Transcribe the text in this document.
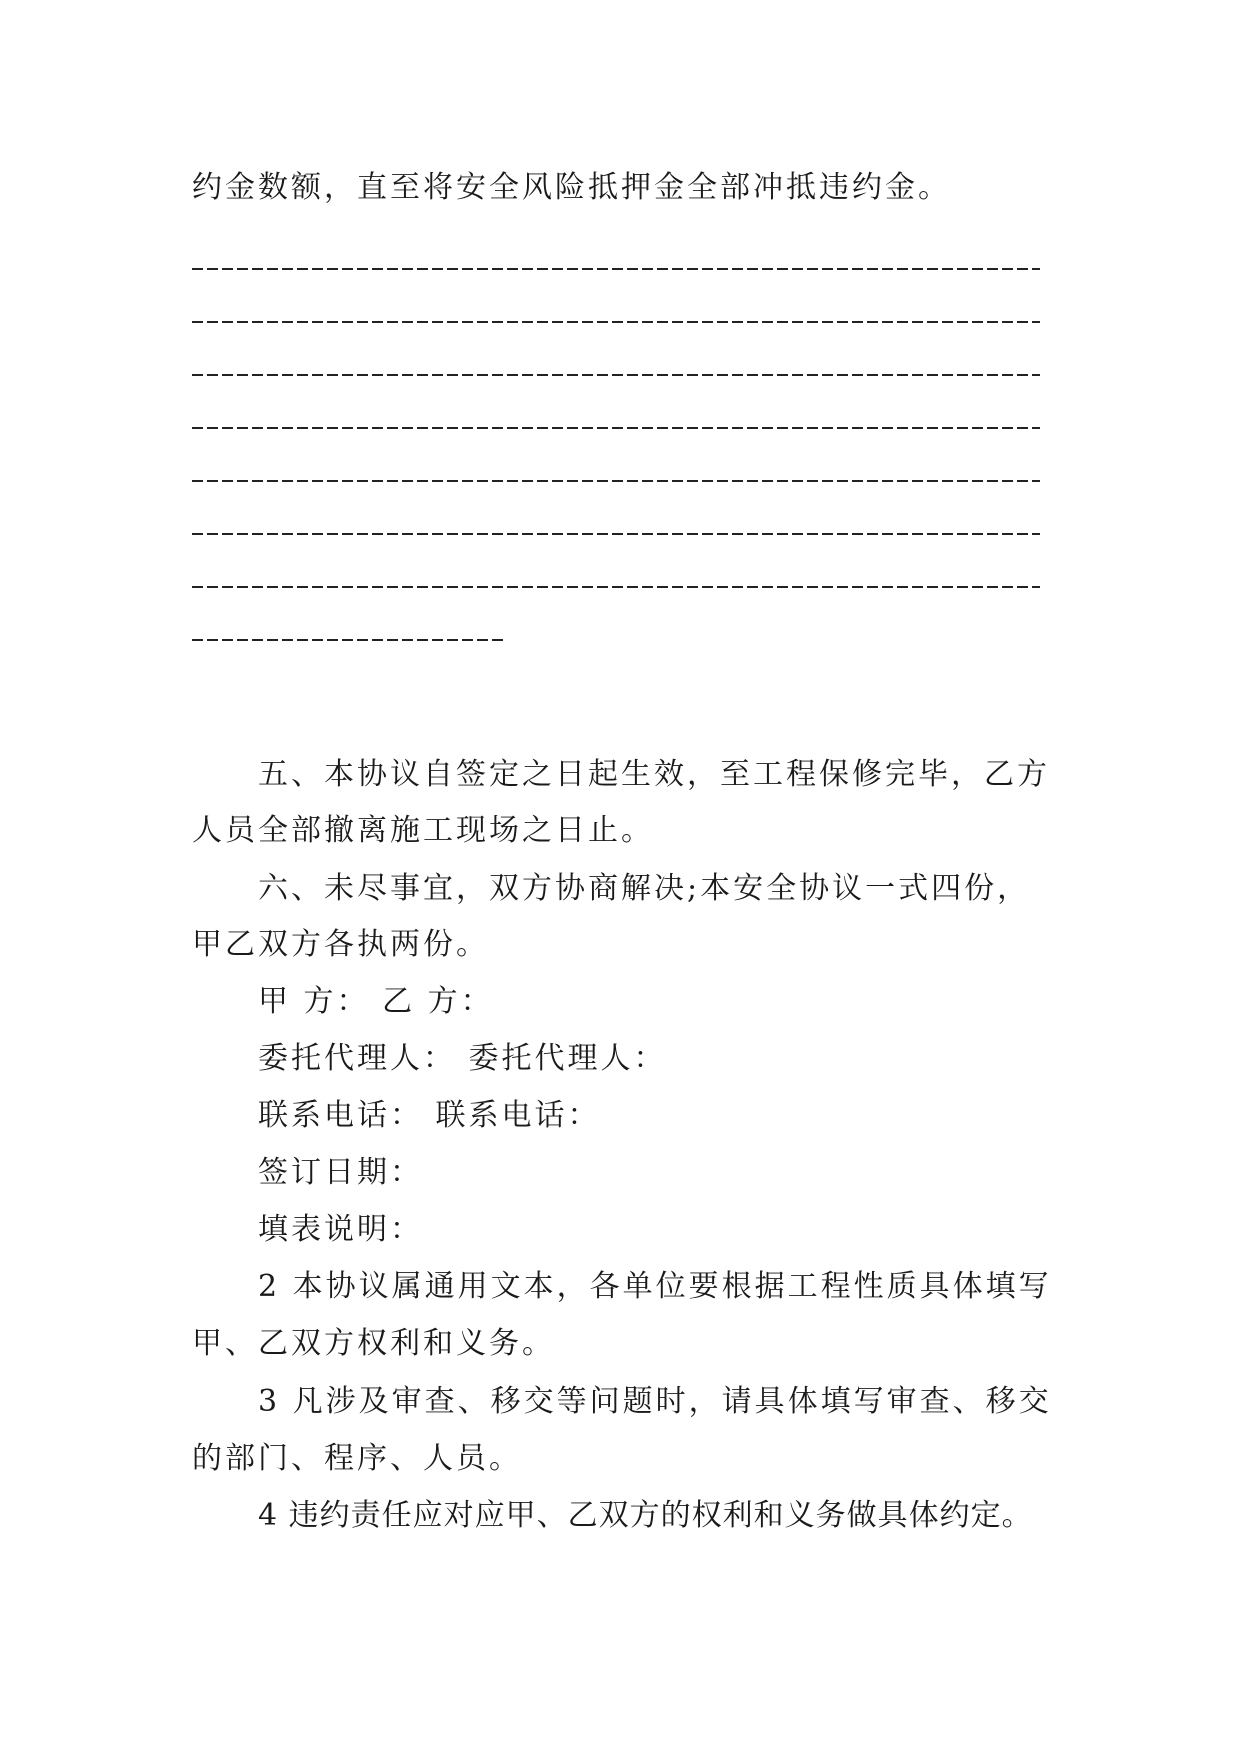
约金数额，直至将安全风险抵押金全部冲抵违约金。
五、本协议自签定之日起生效，至工程保修完毕，乙方
人员全部撤离施工现场之日止。
六、未尽事宜，双方协商解决;本安全协议一式四份，
甲乙双方各执两份。
甲 方： 乙 方：
委托代理人： 委托代理人：
联系电话： 联系电话：
签订日期：
填表说明：
2 本协议属通用文本，各单位要根据工程性质具体填写
甲、乙双方权利和义务。
3 凡涉及审查、移交等问题时，请具体填写审查、移交
的部门、程序、人员。
4 违约责任应对应甲、乙双方的权利和义务做具体约定。
